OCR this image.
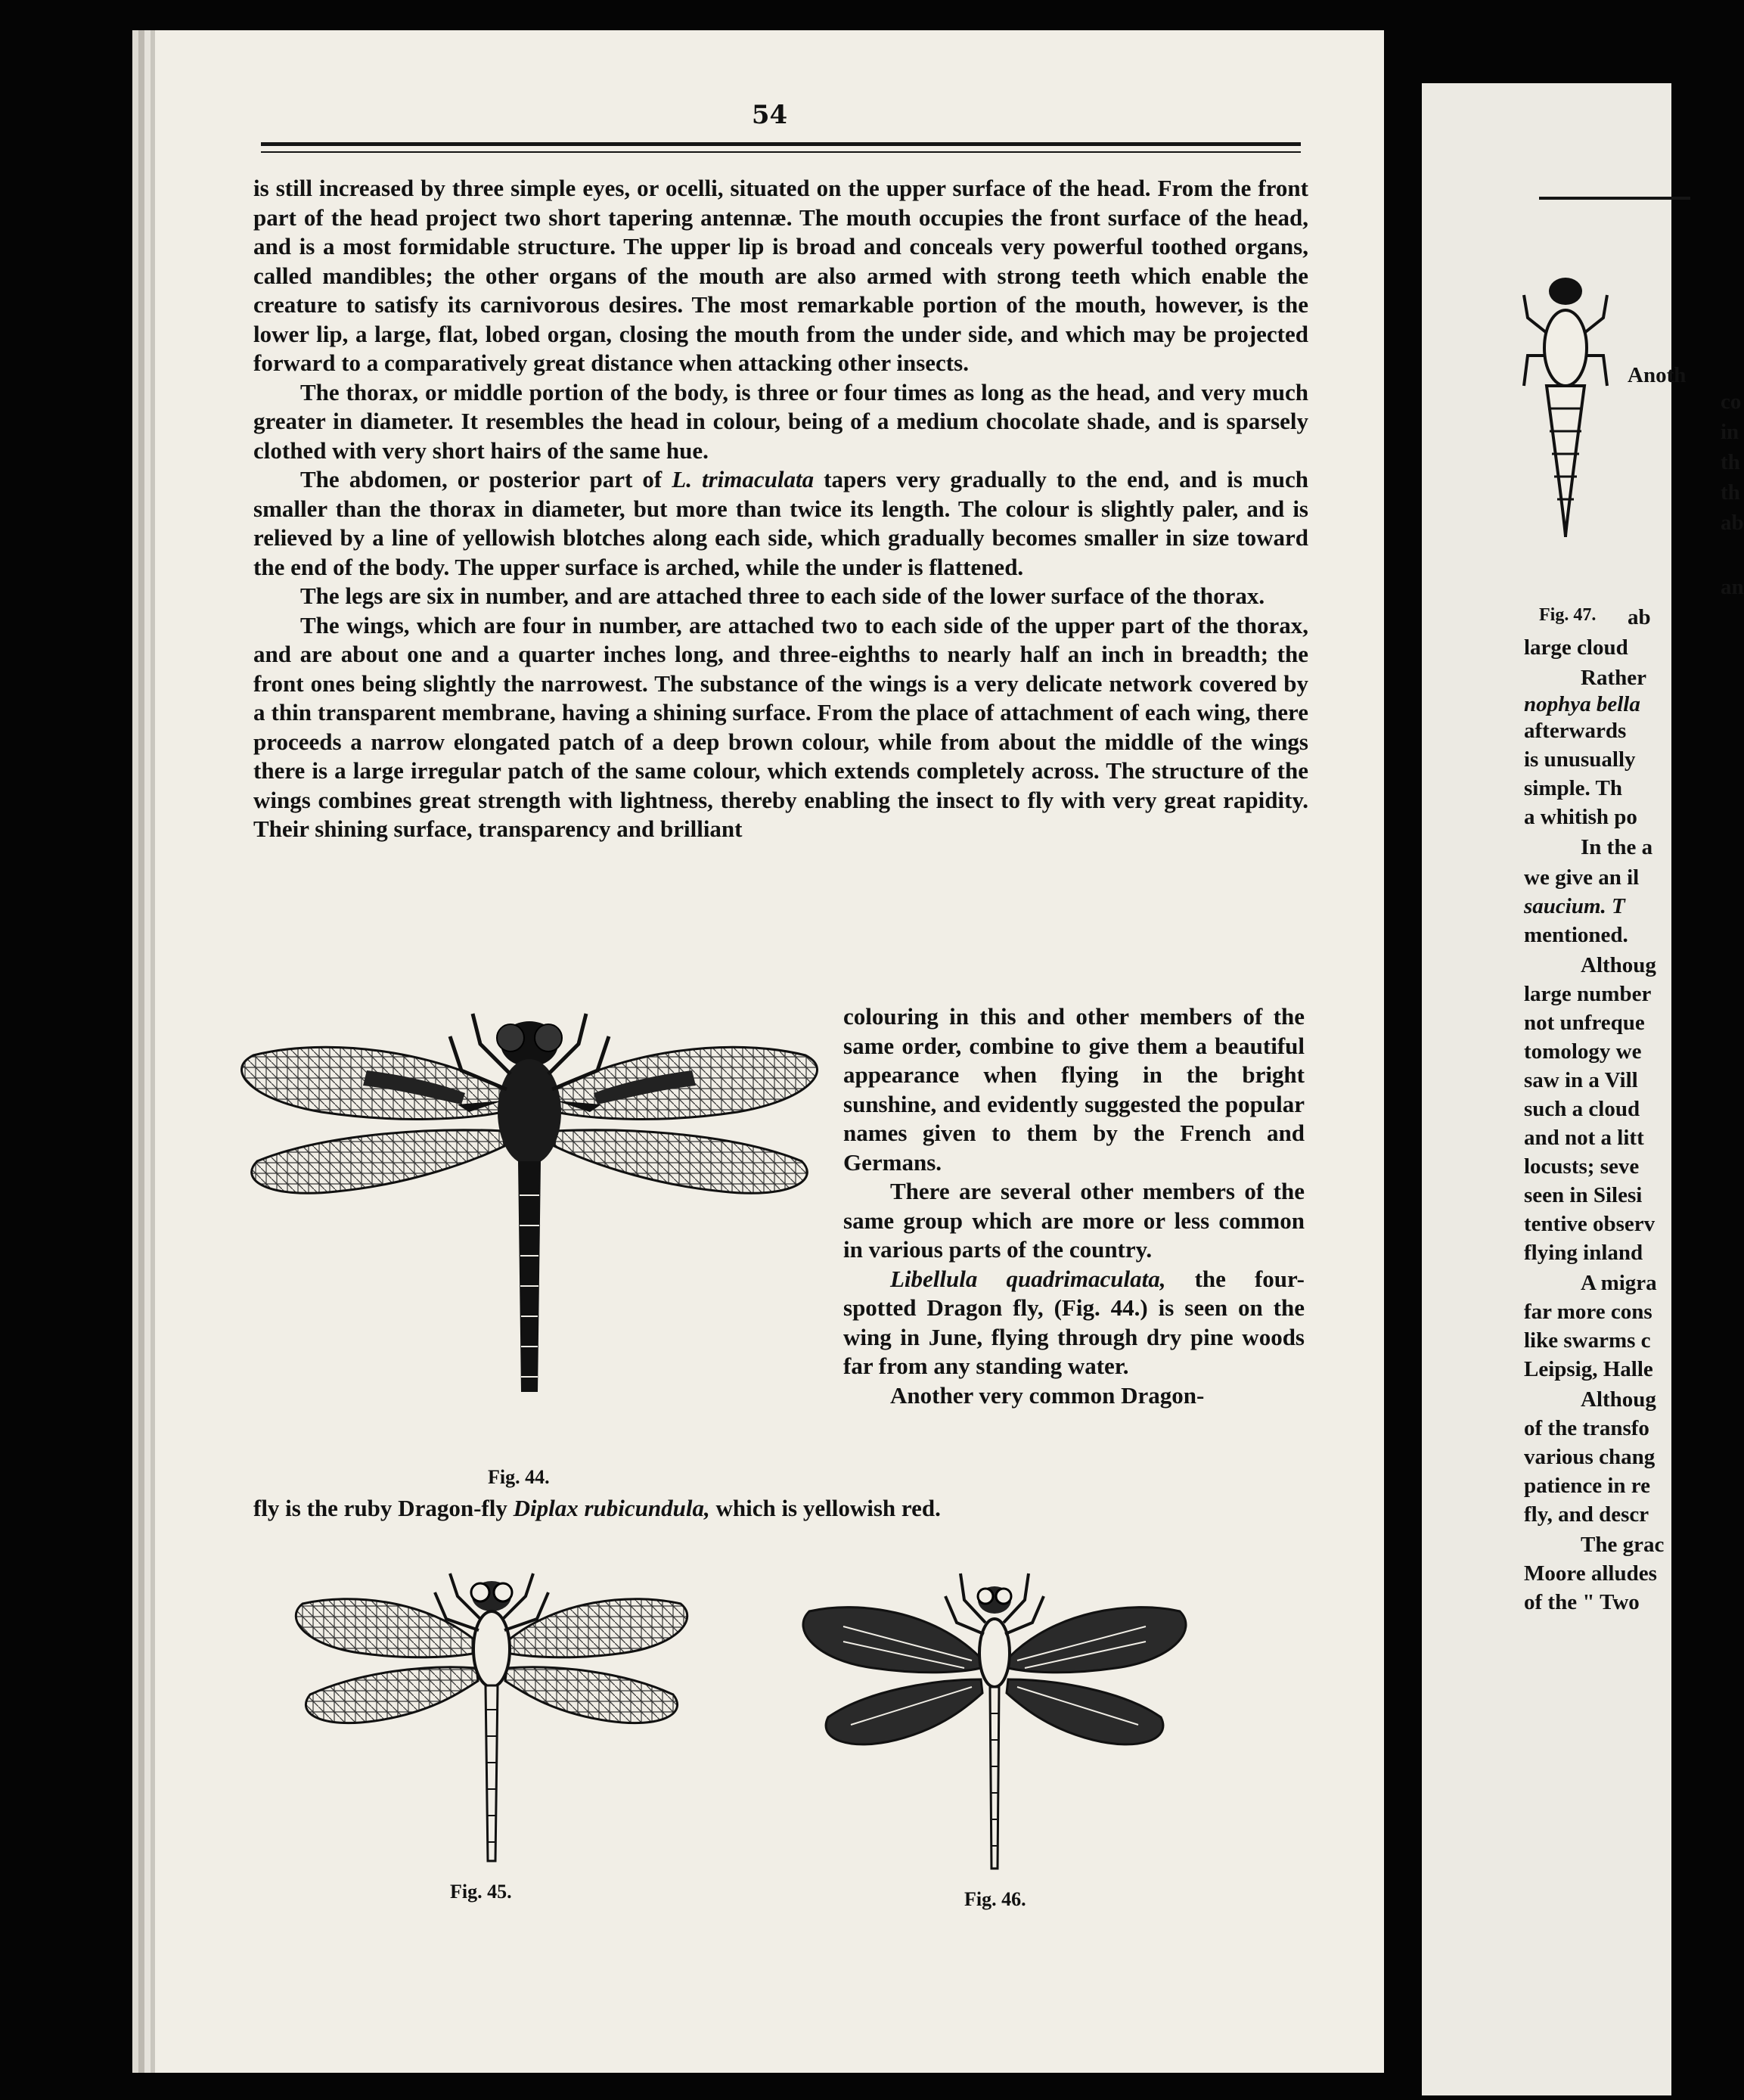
54

is still increased by three simple eyes, or ocelli, situated on the upper surface of the head. From the front part of the head project two short tapering antennæ. The mouth occupies the front surface of the head, and is a most formidable structure. The upper lip is broad and conceals very powerful toothed organs, called mandibles; the other organs of the mouth are also armed with strong teeth which enable the creature to satisfy its carnivorous desires. The most remarkable portion of the mouth, however, is the lower lip, a large, flat, lobed organ, closing the mouth from the under side, and which may be projected forward to a comparatively great distance when attacking other insects.

The thorax, or middle portion of the body, is three or four times as long as the head, and very much greater in diameter. It resembles the head in colour, being of a medium chocolate shade, and is sparsely clothed with very short hairs of the same hue.

The abdomen, or posterior part of L. trimaculata tapers very gradually to the end, and is much smaller than the thorax in diameter, but more than twice its length. The colour is slightly paler, and is relieved by a line of yellowish blotches along each side, which gradually becomes smaller in size toward the end of the body. The upper surface is arched, while the under is flattened.

The legs are six in number, and are attached three to each side of the lower surface of the thorax.

The wings, which are four in number, are attached two to each side of the upper part of the thorax, and are about one and a quarter inches long, and three-eighths to nearly half an inch in breadth; the front ones being slightly the narrowest. The substance of the wings is a very delicate network covered by a thin transparent membrane, having a shining surface. From the place of attachment of each wing, there proceeds a narrow elongated patch of a deep brown colour, while from about the middle of the wings there is a large irregular patch of the same colour, which extends completely across. The structure of the wings combines great strength with lightness, thereby enabling the insect to fly with very great rapidity. Their shining surface, transparency and brilliant

colouring in this and other members of the same order, combine to give them a beautiful appearance when flying in the bright sunshine, and evidently suggested the popular names given to them by the French and Germans.

There are several other members of the same group which are more or less common in various parts of the country.

Libellula quadrimaculata, the four-spotted Dragon fly, (Fig. 44.) is seen on the wing in June, flying through dry pine woods far from any standing water.

Another very common Dragon-

fly is the ruby Dragon-fly Diplax rubicundula, which is yellowish red.
Fig. 44.
Fig. 45.	Fig. 46.
Anoth
co
in
th
th
ab
an
Fig. 47. ab
large cloud
Rather
nophya bella
afterwards
is unusually
simple. Th
a whitish po
In the a
we give an il
saucium. T
mentioned.
Althoug
large number
not unfreque
tomology we
saw in a Vill
such a cloud
and not a litt
locusts; seve
seen in Silesi
tentive observ
flying inland
A migra
far more cons
like swarms c
Leipsig, Halle
Althoug
of the transfo
various chang
patience in re
fly, and descr
The grac
Moore alludes
of the " Two
